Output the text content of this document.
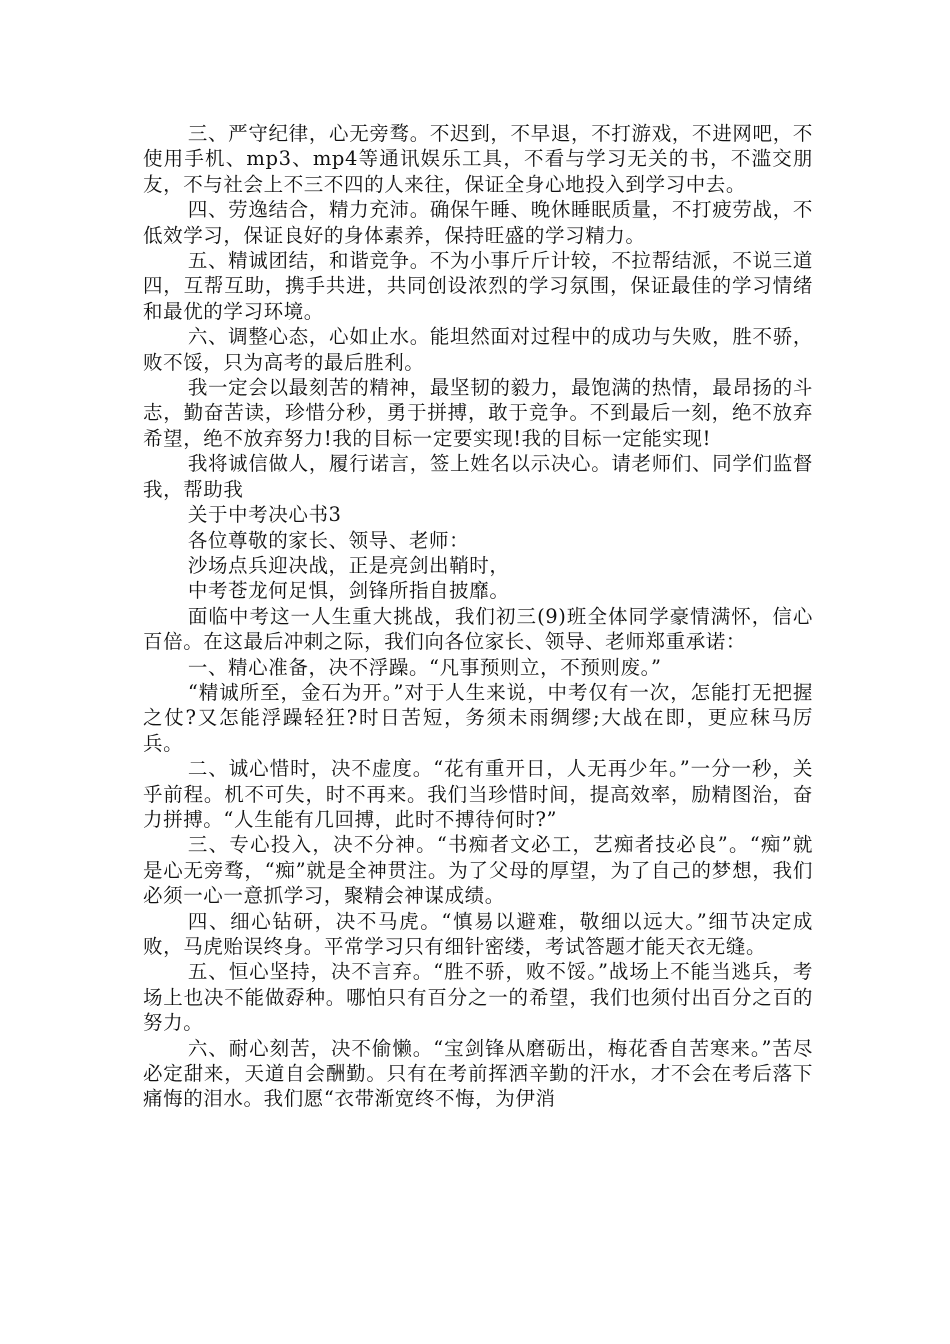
三、严守纪律，心无旁骛。不迟到，不早退，不打游戏，不进网吧，不使用手机、mp3、mp4等通讯娱乐工具，不看与学习无关的书，不滥交朋友，不与社会上不三不四的人来往，保证全身心地投入到学习中去。

四、劳逸结合，精力充沛。确保午睡、晚休睡眠质量，不打疲劳战，不低效学习，保证良好的身体素养，保持旺盛的学习精力。

五、精诚团结，和谐竞争。不为小事斤斤计较，不拉帮结派，不说三道四，互帮互助，携手共进，共同创设浓烈的学习氛围，保证最佳的学习情绪和最优的学习环境。

六、调整心态，心如止水。能坦然面对过程中的成功与失败，胜不骄，败不馁，只为高考的最后胜利。

我一定会以最刻苦的精神，最坚韧的毅力，最饱满的热情，最昂扬的斗志，勤奋苦读，珍惜分秒，勇于拼搏，敢于竞争。不到最后一刻，绝不放弃希望，绝不放弃努力!我的目标一定要实现!我的目标一定能实现!

我将诚信做人，履行诺言，签上姓名以示决心。请老师们、同学们监督我，帮助我

关于中考决心书3

各位尊敬的家长、领导、老师：

沙场点兵迎决战，正是亮剑出鞘时，

中考苍龙何足惧，剑锋所指自披靡。

面临中考这一人生重大挑战，我们初三(9)班全体同学豪情满怀，信心百倍。在这最后冲刺之际，我们向各位家长、领导、老师郑重承诺：

一、精心准备，决不浮躁。“凡事预则立，不预则废。”

“精诚所至，金石为开。”对于人生来说，中考仅有一次，怎能打无把握之仗?又怎能浮躁轻狂?时日苦短，务须未雨绸缪;大战在即，更应秣马厉兵。

二、诚心惜时，决不虚度。“花有重开日，人无再少年。”一分一秒，关乎前程。机不可失，时不再来。我们当珍惜时间，提高效率，励精图治，奋力拼搏。“人生能有几回搏，此时不搏待何时?”

三、专心投入，决不分神。“书痴者文必工，艺痴者技必良”。“痴”就是心无旁骛，“痴”就是全神贯注。为了父母的厚望，为了自己的梦想，我们必须一心一意抓学习，聚精会神谋成绩。

四、细心钻研，决不马虎。“慎易以避难，敬细以远大。”细节决定成败，马虎贻误终身。平常学习只有细针密缕，考试答题才能天衣无缝。

五、恒心坚持，决不言弃。“胜不骄，败不馁。”战场上不能当逃兵，考场上也决不能做孬种。哪怕只有百分之一的希望，我们也须付出百分之百的努力。

六、耐心刻苦，决不偷懒。“宝剑锋从磨砺出，梅花香自苦寒来。”苦尽必定甜来，天道自会酬勤。只有在考前挥洒辛勤的汗水，才不会在考后落下痛悔的泪水。我们愿“衣带渐宽终不悔，为伊消
